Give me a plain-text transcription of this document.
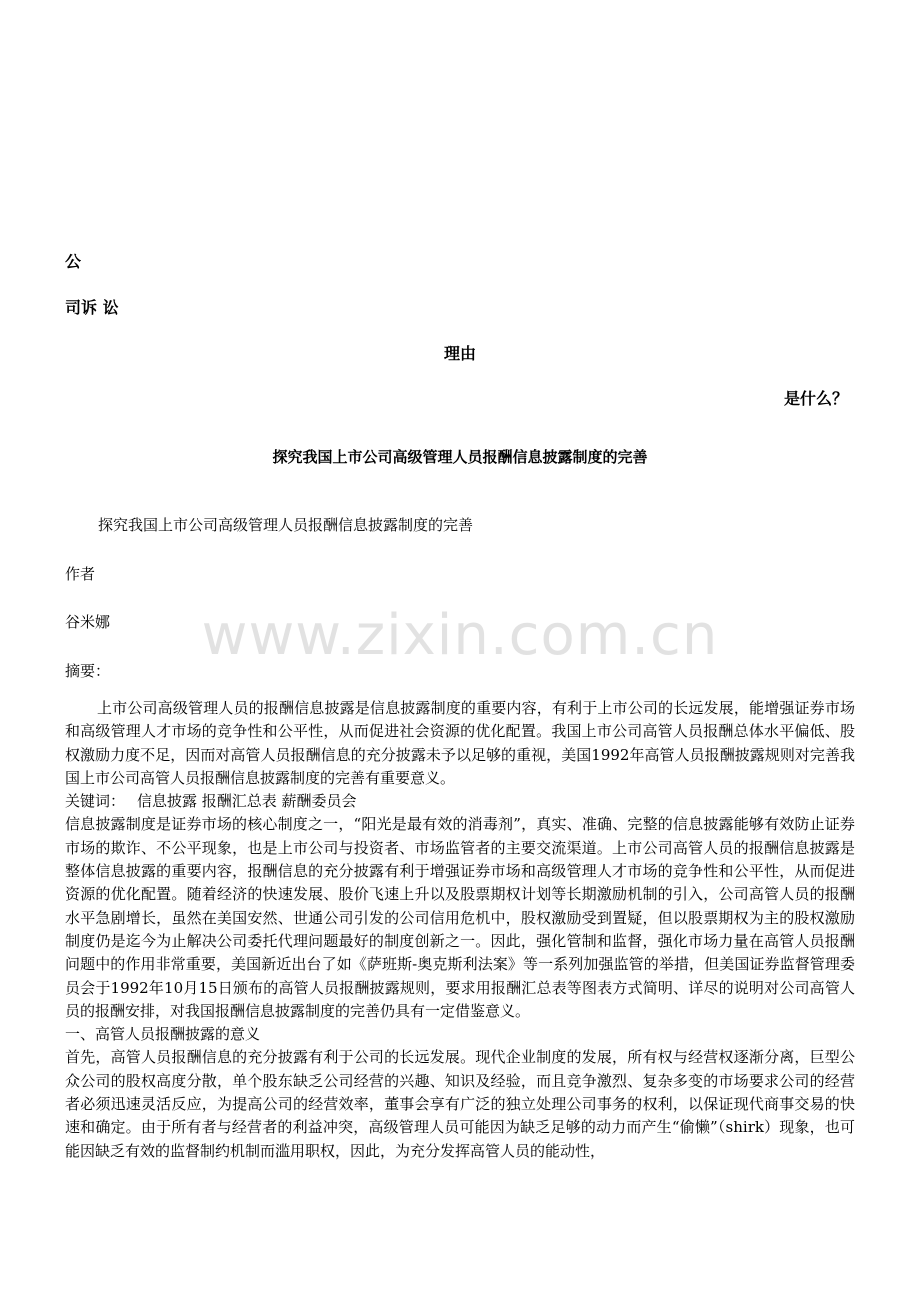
www.zixin.com.cn
公
司诉 讼
理由
是什么？
探究我国上市公司高级管理人员报酬信息披露制度的完善

探究我国上市公司高级管理人员报酬信息披露制度的完善

作者

谷米娜

摘要：

上市公司高级管理人员的报酬信息披露是信息披露制度的重要内容，有利于上市公司的长远发展，能增强证券市场和高级管理人才市场的竞争性和公平性，从而促进社会资源的优化配置。我国上市公司高管人员报酬总体水平偏低、股权激励力度不足，因而对高管人员报酬信息的充分披露未予以足够的重视，美国1992年高管人员报酬披露规则对完善我国上市公司高管人员报酬信息披露制度的完善有重要意义。

关键词： 信息披露 报酬汇总表 薪酬委员会

信息披露制度是证券市场的核心制度之一，“阳光是最有效的消毒剂”，真实、准确、完整的信息披露能够有效防止证券市场的欺诈、不公平现象，也是上市公司与投资者、市场监管者的主要交流渠道。上市公司高管人员的报酬信息披露是整体信息披露的重要内容，报酬信息的充分披露有利于增强证券市场和高级管理人才市场的竞争性和公平性，从而促进资源的优化配置。随着经济的快速发展、股价飞速上升以及股票期权计划等长期激励机制的引入，公司高管人员的报酬水平急剧增长，虽然在美国安然、世通公司引发的公司信用危机中，股权激励受到置疑，但以股票期权为主的股权激励制度仍是迄今为止解决公司委托代理问题最好的制度创新之一。因此，强化管制和监督，强化市场力量在高管人员报酬问题中的作用非常重要，美国新近出台了如《萨班斯-奥克斯利法案》等一系列加强监管的举措，但美国证券监督管理委员会于1992年10月15日颁布的高管人员报酬披露规则，要求用报酬汇总表等图表方式简明、详尽的说明对公司高管人员的报酬安排，对我国报酬信息披露制度的完善仍具有一定借鉴意义。

一、高管人员报酬披露的意义

首先，高管人员报酬信息的充分披露有利于公司的长远发展。现代企业制度的发展，所有权与经营权逐渐分离，巨型公众公司的股权高度分散，单个股东缺乏公司经营的兴趣、知识及经验，而且竞争激烈、复杂多变的市场要求公司的经营者必须迅速灵活反应，为提高公司的经营效率，董事会享有广泛的独立处理公司事务的权利，以保证现代商事交易的快速和确定。由于所有者与经营者的利益冲突，高级管理人员可能因为缺乏足够的动力而产生“偷懒”（shirk）现象，也可能因缺乏有效的监督制约机制而滥用职权，因此，为充分发挥高管人员的能动性，
